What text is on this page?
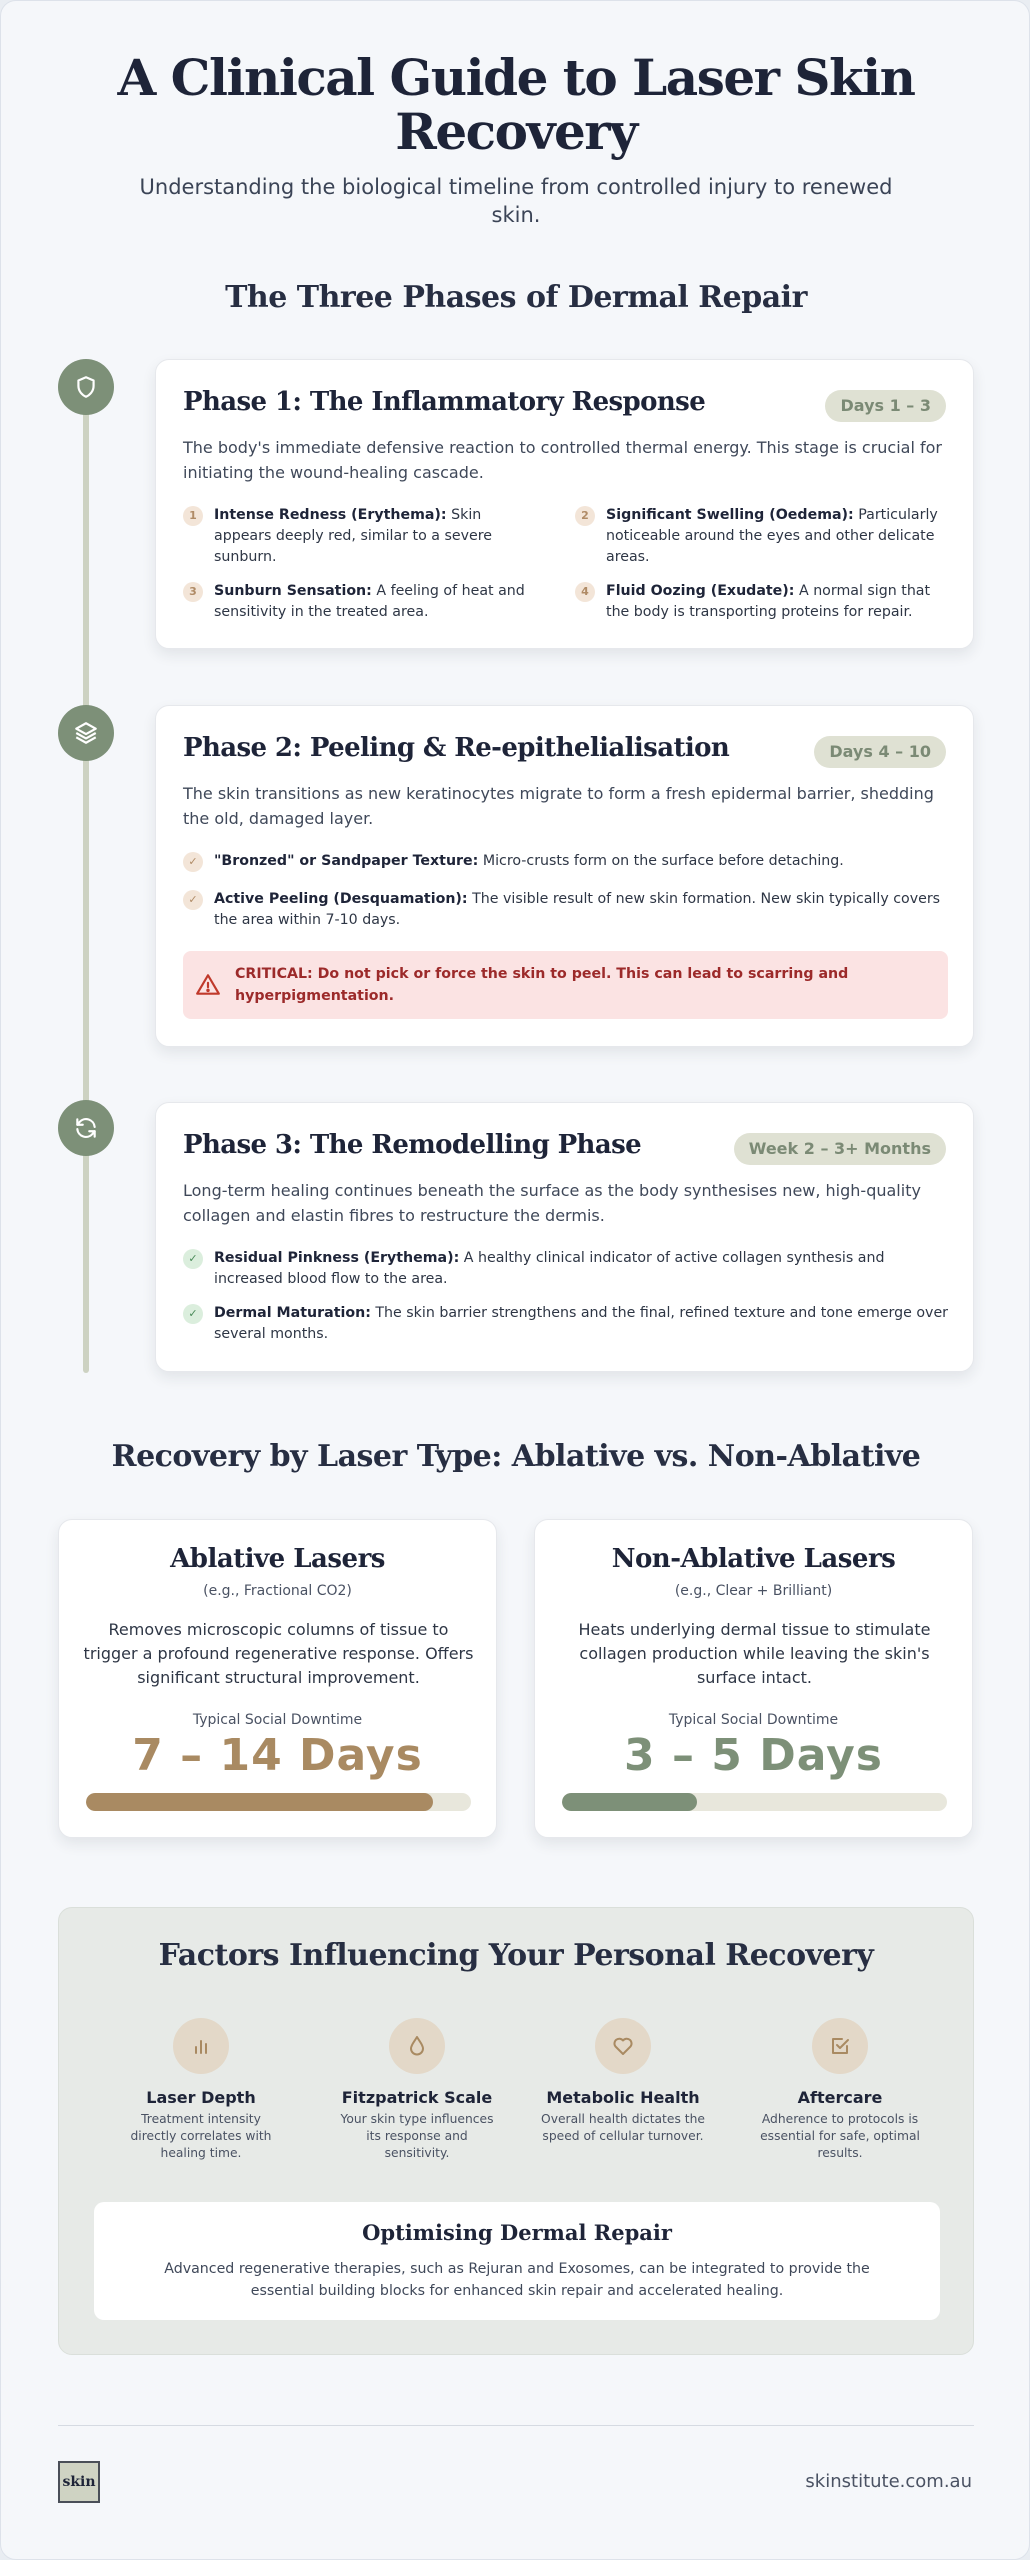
A Clinical Guide to Laser Skin Recovery

Understanding the biological timeline from controlled injury to renewed skin.

The Three Phases of Dermal Repair
Phase 1: The Inflammatory Response	Days 1 – 3
The body's immediate defensive reaction to controlled thermal energy. This stage is crucial for initiating the wound-healing cascade.
1	Intense Redness (Erythema): Skin appears deeply red, similar to a severe sunburn.
2	Significant Swelling (Oedema): Particularly noticeable around the eyes and other delicate areas.
3	Sunburn Sensation: A feeling of heat and sensitivity in the treated area.
4	Fluid Oozing (Exudate): A normal sign that the body is transporting proteins for repair.
Phase 2: Peeling & Re-epithelialisation	Days 4 – 10
The skin transitions as new keratinocytes migrate to form a fresh epidermal barrier, shedding the old, damaged layer.
✓	"Bronzed" or Sandpaper Texture: Micro-crusts form on the surface before detaching.
✓	Active Peeling (Desquamation): The visible result of new skin formation. New skin typically covers the area within 7-10 days.
CRITICAL: Do not pick or force the skin to peel. This can lead to scarring and hyperpigmentation.
Phase 3: The Remodelling Phase	Week 2 – 3+ Months
Long-term healing continues beneath the surface as the body synthesises new, high-quality collagen and elastin fibres to restructure the dermis.
✓	Residual Pinkness (Erythema): A healthy clinical indicator of active collagen synthesis and increased blood flow to the area.
✓	Dermal Maturation: The skin barrier strengthens and the final, refined texture and tone emerge over several months.
Recovery by Laser Type: Ablative vs. Non-Ablative
Ablative Lasers
(e.g., Fractional CO2)
Removes microscopic columns of tissue to trigger a profound regenerative response. Offers significant structural improvement.
Typical Social Downtime
7 – 14 Days
Non-Ablative Lasers
(e.g., Clear + Brilliant)
Heats underlying dermal tissue to stimulate collagen production while leaving the skin's surface intact.
Typical Social Downtime
3 – 5 Days
Factors Influencing Your Personal Recovery
Laser Depth
Treatment intensity directly correlates with healing time.
Fitzpatrick Scale
Your skin type influences its response and sensitivity.
Metabolic Health
Overall health dictates the speed of cellular turnover.
Aftercare
Adherence to protocols is essential for safe, optimal results.
Optimising Dermal Repair
Advanced regenerative therapies, such as Rejuran and Exosomes, can be integrated to provide the essential building blocks for enhanced skin repair and accelerated healing.
skin	skinstitute.com.au
